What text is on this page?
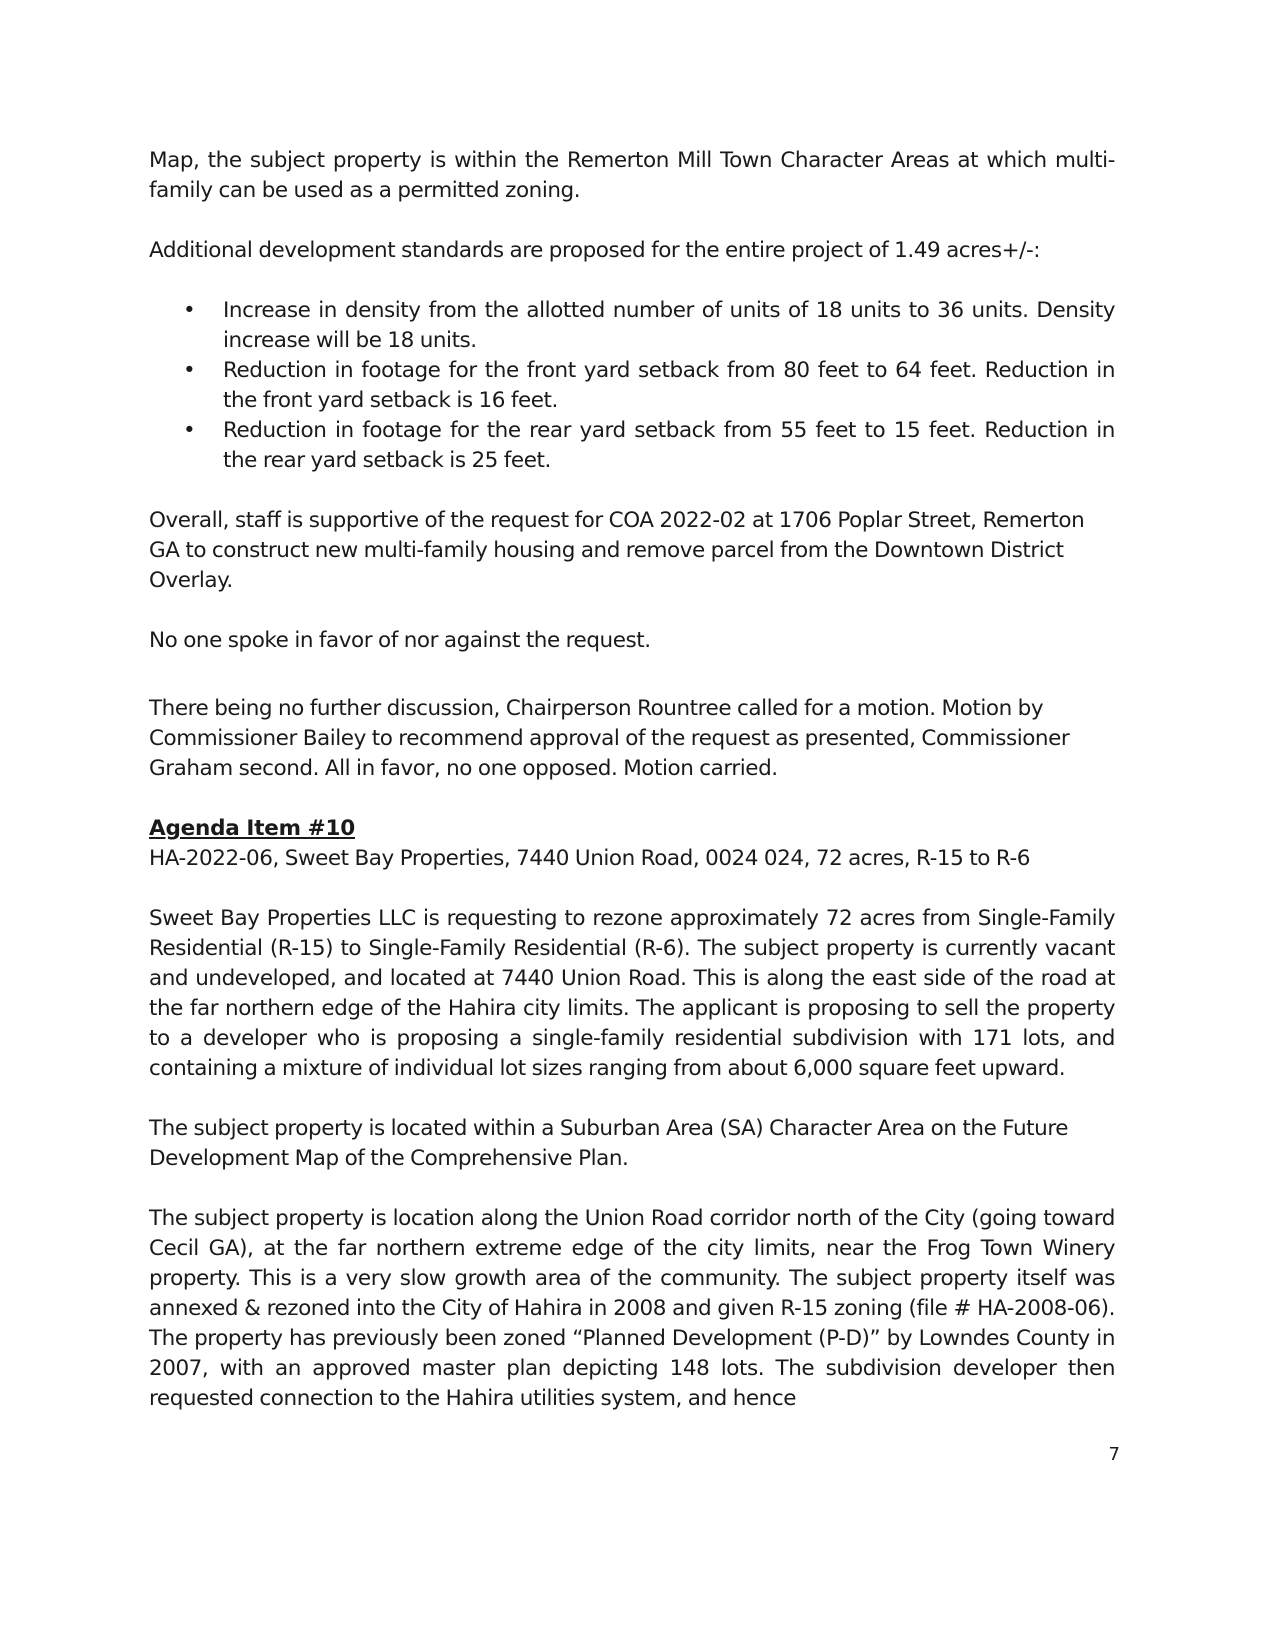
Map, the subject property is within the Remerton Mill Town Character Areas at which multi-family can be used as a permitted zoning.

Additional development standards are proposed for the entire project of 1.49 acres+/-:

• Increase in density from the allotted number of units of 18 units to 36 units. Density increase will be 18 units.
• Reduction in footage for the front yard setback from 80 feet to 64 feet. Reduction in the front yard setback is 16 feet.
• Reduction in footage for the rear yard setback from 55 feet to 15 feet. Reduction in the rear yard setback is 25 feet.

Overall, staff is supportive of the request for COA 2022-02 at 1706 Poplar Street, Remerton GA to construct new multi-family housing and remove parcel from the Downtown District Overlay.

No one spoke in favor of nor against the request.

There being no further discussion, Chairperson Rountree called for a motion. Motion by Commissioner Bailey to recommend approval of the request as presented, Commissioner Graham second. All in favor, no one opposed. Motion carried.

Agenda Item #10

HA-2022-06, Sweet Bay Properties, 7440 Union Road, 0024 024, 72 acres, R-15 to R-6

Sweet Bay Properties LLC is requesting to rezone approximately 72 acres from Single-Family Residential (R-15) to Single-Family Residential (R-6). The subject property is currently vacant and undeveloped, and located at 7440 Union Road. This is along the east side of the road at the far northern edge of the Hahira city limits. The applicant is proposing to sell the property to a developer who is proposing a single-family residential subdivision with 171 lots, and containing a mixture of individual lot sizes ranging from about 6,000 square feet upward.

The subject property is located within a Suburban Area (SA) Character Area on the Future Development Map of the Comprehensive Plan.

The subject property is location along the Union Road corridor north of the City (going toward Cecil GA), at the far northern extreme edge of the city limits, near the Frog Town Winery property. This is a very slow growth area of the community. The subject property itself was annexed & rezoned into the City of Hahira in 2008 and given R-15 zoning (file # HA-2008-06). The property has previously been zoned “Planned Development (P-D)” by Lowndes County in 2007, with an approved master plan depicting 148 lots. The subdivision developer then requested connection to the Hahira utilities system, and hence

7
